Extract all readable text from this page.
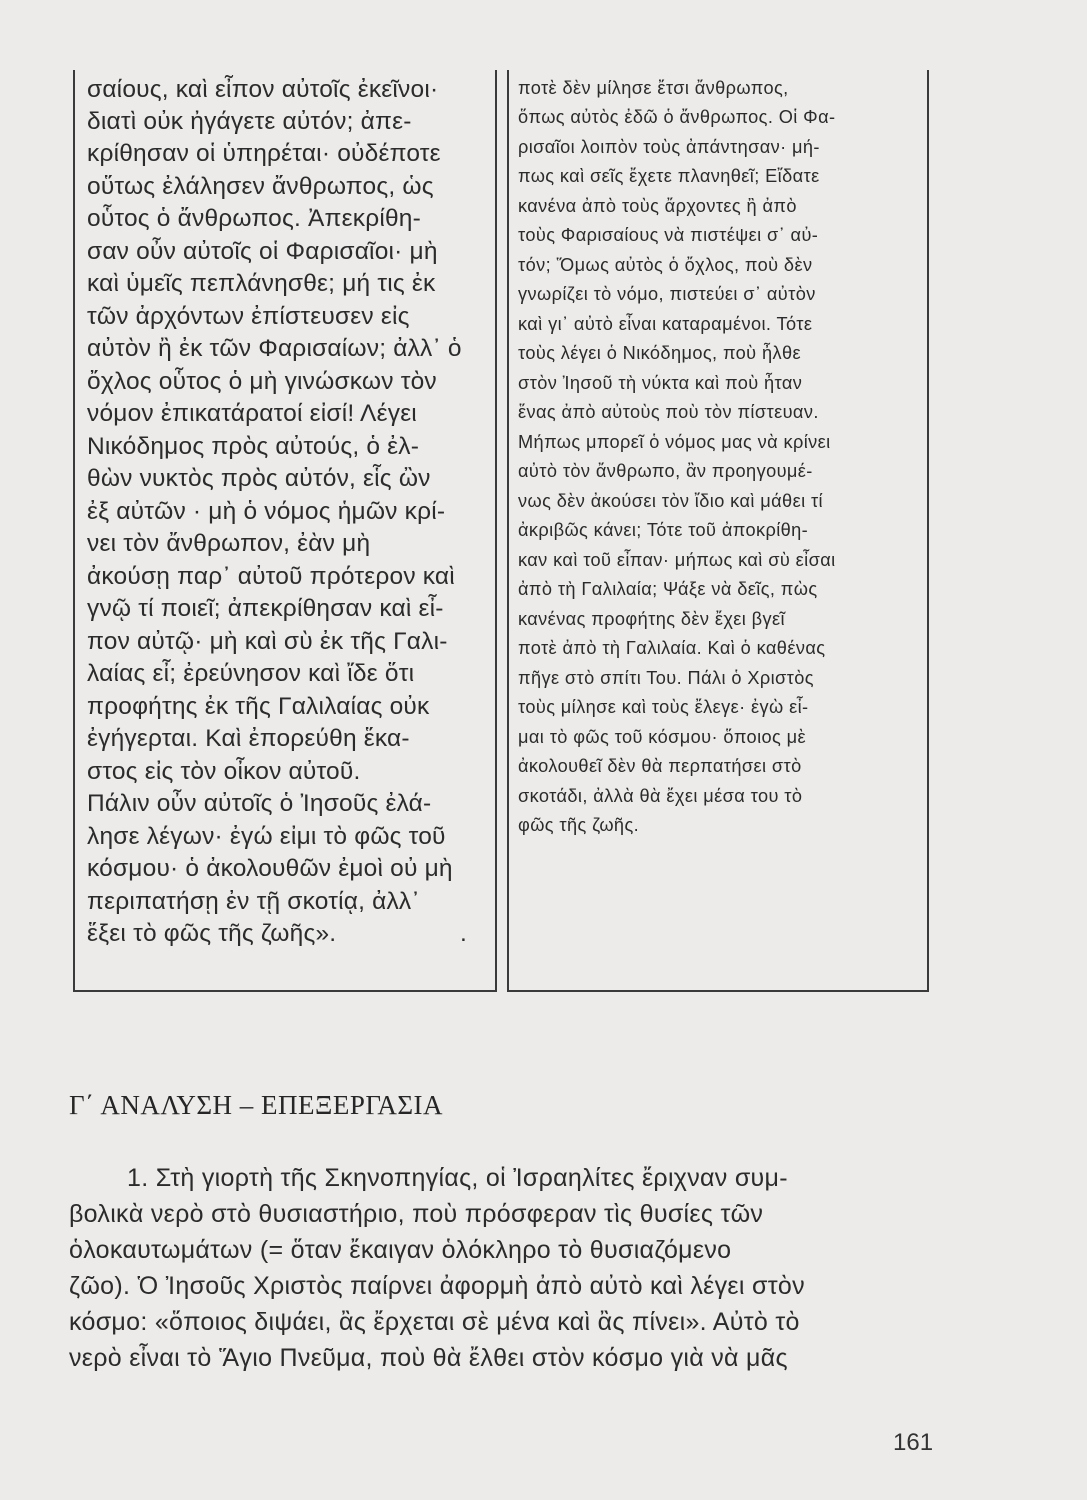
σαίους, καὶ εἶπον αὐτοῖς ἐκεῖνοι·
διατὶ οὐκ ἠγάγετε αὐτόν; ἀπε-
κρίθησαν οἱ ὑπηρέται· οὐδέποτε
οὕτως ἐλάλησεν ἄνθρωπος, ὡς
οὗτος ὁ ἄνθρωπος. Ἀπεκρίθη-
σαν οὖν αὐτοῖς οἱ Φαρισαῖοι· μὴ
καὶ ὑμεῖς πεπλάνησθε; μή τις ἐκ
τῶν ἀρχόντων ἐπίστευσεν εἰς
αὐτὸν ἢ ἐκ τῶν Φαρισαίων; ἀλλ᾽ ὁ
ὄχλος οὗτος ὁ μὴ γινώσκων τὸν
νόμον ἐπικατάρατοί εἰσί! Λέγει
Νικόδημος πρὸς αὐτούς, ὁ ἐλ-
θὼν νυκτὸς πρὸς αὐτόν, εἷς ὢν
ἐξ αὐτῶν · μὴ ὁ νόμος ἡμῶν κρί-
νει τὸν ἄνθρωπον, ἐὰν μὴ
ἀκούσῃ παρ᾽ αὐτοῦ πρότερον καὶ
γνῷ τί ποιεῖ; ἀπεκρίθησαν καὶ εἶ-
πον αὐτῷ· μὴ καὶ σὺ ἐκ τῆς Γαλι-
λαίας εἶ; ἐρεύνησον καὶ ἴδε ὅτι
προφήτης ἐκ τῆς Γαλιλαίας οὐκ
ἐγήγερται. Καὶ ἐπορεύθη ἕκα-
στος εἰς τὸν οἶκον αὐτοῦ.
Πάλιν οὖν αὐτοῖς ὁ Ἰησοῦς ἐλά-
λησε λέγων· ἐγώ εἰμι τὸ φῶς τοῦ
κόσμου· ὁ ἀκολουθῶν ἐμοὶ οὐ μὴ
περιπατήσῃ ἐν τῇ σκοτίᾳ, ἀλλ᾽
ἕξει τὸ φῶς τῆς ζωῆς».	.
ποτὲ δὲν μίλησε ἔτσι ἄνθρωπος,
ὅπως αὐτὸς ἐδῶ ὁ ἄνθρωπος. Οἱ Φα-
ρισαῖοι λοιπὸν τοὺς ἀπάντησαν· μή-
πως καὶ σεῖς ἔχετε πλανηθεῖ; Εἴδατε
κανένα ἀπὸ τοὺς ἄρχοντες ἢ ἀπὸ
τοὺς Φαρισαίους νὰ πιστέψει σ᾽ αὐ-
τόν; Ὅμως αὐτὸς ὁ ὄχλος, ποὺ δὲν
γνωρίζει τὸ νόμο, πιστεύει σ᾽ αὐτὸν
καὶ γι᾽ αὐτὸ εἶναι καταραμένοι. Τότε
τοὺς λέγει ὁ Νικόδημος, ποὺ ἦλθε
στὸν Ἰησοῦ τὴ νύκτα καὶ ποὺ ἦταν
ἕνας ἀπὸ αὐτοὺς ποὺ τὸν πίστευαν.
Μήπως μπορεῖ ὁ νόμος μας νὰ κρίνει
αὐτὸ τὸν ἄνθρωπο, ἂν προηγουμέ-
νως δὲν ἀκούσει τὸν ἴδιο καὶ μάθει τί
ἀκριβῶς κάνει; Τότε τοῦ ἀποκρίθη-
καν καὶ τοῦ εἶπαν· μήπως καὶ σὺ εἶσαι
ἀπὸ τὴ Γαλιλαία; Ψάξε νὰ δεῖς, πὼς
κανένας προφήτης δὲν ἔχει βγεῖ
ποτὲ ἀπὸ τὴ Γαλιλαία. Καὶ ὁ καθένας
πῆγε στὸ σπίτι Του. Πάλι ὁ Χριστὸς
τοὺς μίλησε καὶ τοὺς ἔλεγε· ἐγὼ εἶ-
μαι τὸ φῶς τοῦ κόσμου· ὅποιος μὲ
ἀκολουθεῖ δὲν θὰ περπατήσει στὸ
σκοτάδι, ἀλλὰ θὰ ἔχει μέσα του τὸ
φῶς τῆς ζωῆς.
Γ΄ ΑΝΑΛΥΣΗ – ΕΠΕΞΕΡΓΑΣΙΑ
1. Στὴ γιορτὴ τῆς Σκηνοπηγίας, οἱ Ἰσραηλίτες ἔριχναν συμ-
βολικὰ νερὸ στὸ θυσιαστήριο, ποὺ πρόσφεραν τὶς θυσίες τῶν
ὁλοκαυτωμάτων (= ὅταν ἔκαιγαν ὁλόκληρο τὸ θυσιαζόμενο
ζῶο). Ὁ Ἰησοῦς Χριστὸς παίρνει ἀφορμὴ ἀπὸ αὐτὸ καὶ λέγει στὸν
κόσμο: «ὅποιος διψάει, ἂς ἔρχεται σὲ μένα καὶ ἂς πίνει». Αὐτὸ τὸ
νερὸ εἶναι τὸ Ἅγιο Πνεῦμα, ποὺ θὰ ἔλθει στὸν κόσμο γιὰ νὰ μᾶς
161
